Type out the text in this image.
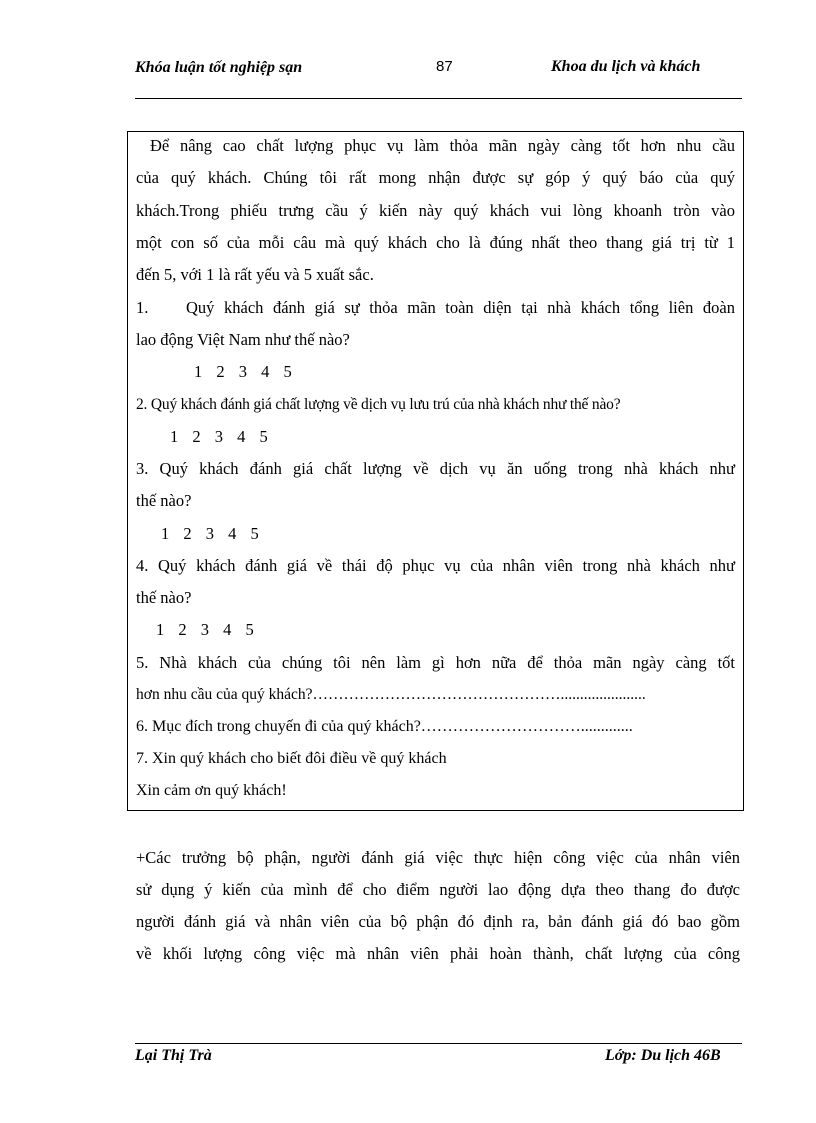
Khóa luận tốt nghiệp sạn	87	Khoa du lịch và khách
Để nâng cao chất lượng phục vụ làm thỏa mãn ngày càng tốt hơn nhu cầu
của quý khách. Chúng tôi rất mong nhận được sự góp ý quý báo của quý
khách.Trong phiếu trưng cầu ý kiến này quý khách vui lòng khoanh tròn vào
một con số của mỗi câu mà quý khách cho là đúng nhất theo thang giá trị từ 1
đến 5, với 1 là rất yếu và 5 xuất sắc.
1. Quý khách đánh giá sự thỏa mãn toàn diện tại nhà khách tổng liên đoàn
lao động Việt Nam như thế nào?
1 2 3 4 5
2. Quý khách đánh giá chất lượng về dịch vụ lưu trú của nhà khách như thế nào?
1 2 3 4 5
3. Quý khách đánh giá chất lượng về dịch vụ ăn uống trong nhà khách như
thế nào?
1 2 3 4 5
4. Quý khách đánh giá về thái độ phục vụ của nhân viên trong nhà khách như
thế nào?
1 2 3 4 5
5. Nhà khách của chúng tôi nên làm gì hơn nữa để thỏa mãn ngày càng tốt
hơn nhu cầu của quý khách?…………………………………………......................
6. Mục đích trong chuyến đi của quý khách?………………………….............
7. Xin quý khách cho biết đôi điều về quý khách
Xin cảm ơn quý khách!
+Các trưởng bộ phận, người đánh giá việc thực hiện công việc của nhân viên
sử dụng ý kiến của mình để cho điểm người lao động dựa theo thang đo được
người đánh giá và nhân viên của bộ phận đó định ra, bản đánh giá đó bao gồm
về khối lượng công việc mà nhân viên phải hoàn thành, chất lượng của công
Lại Thị Trà	Lớp: Du lịch 46B
